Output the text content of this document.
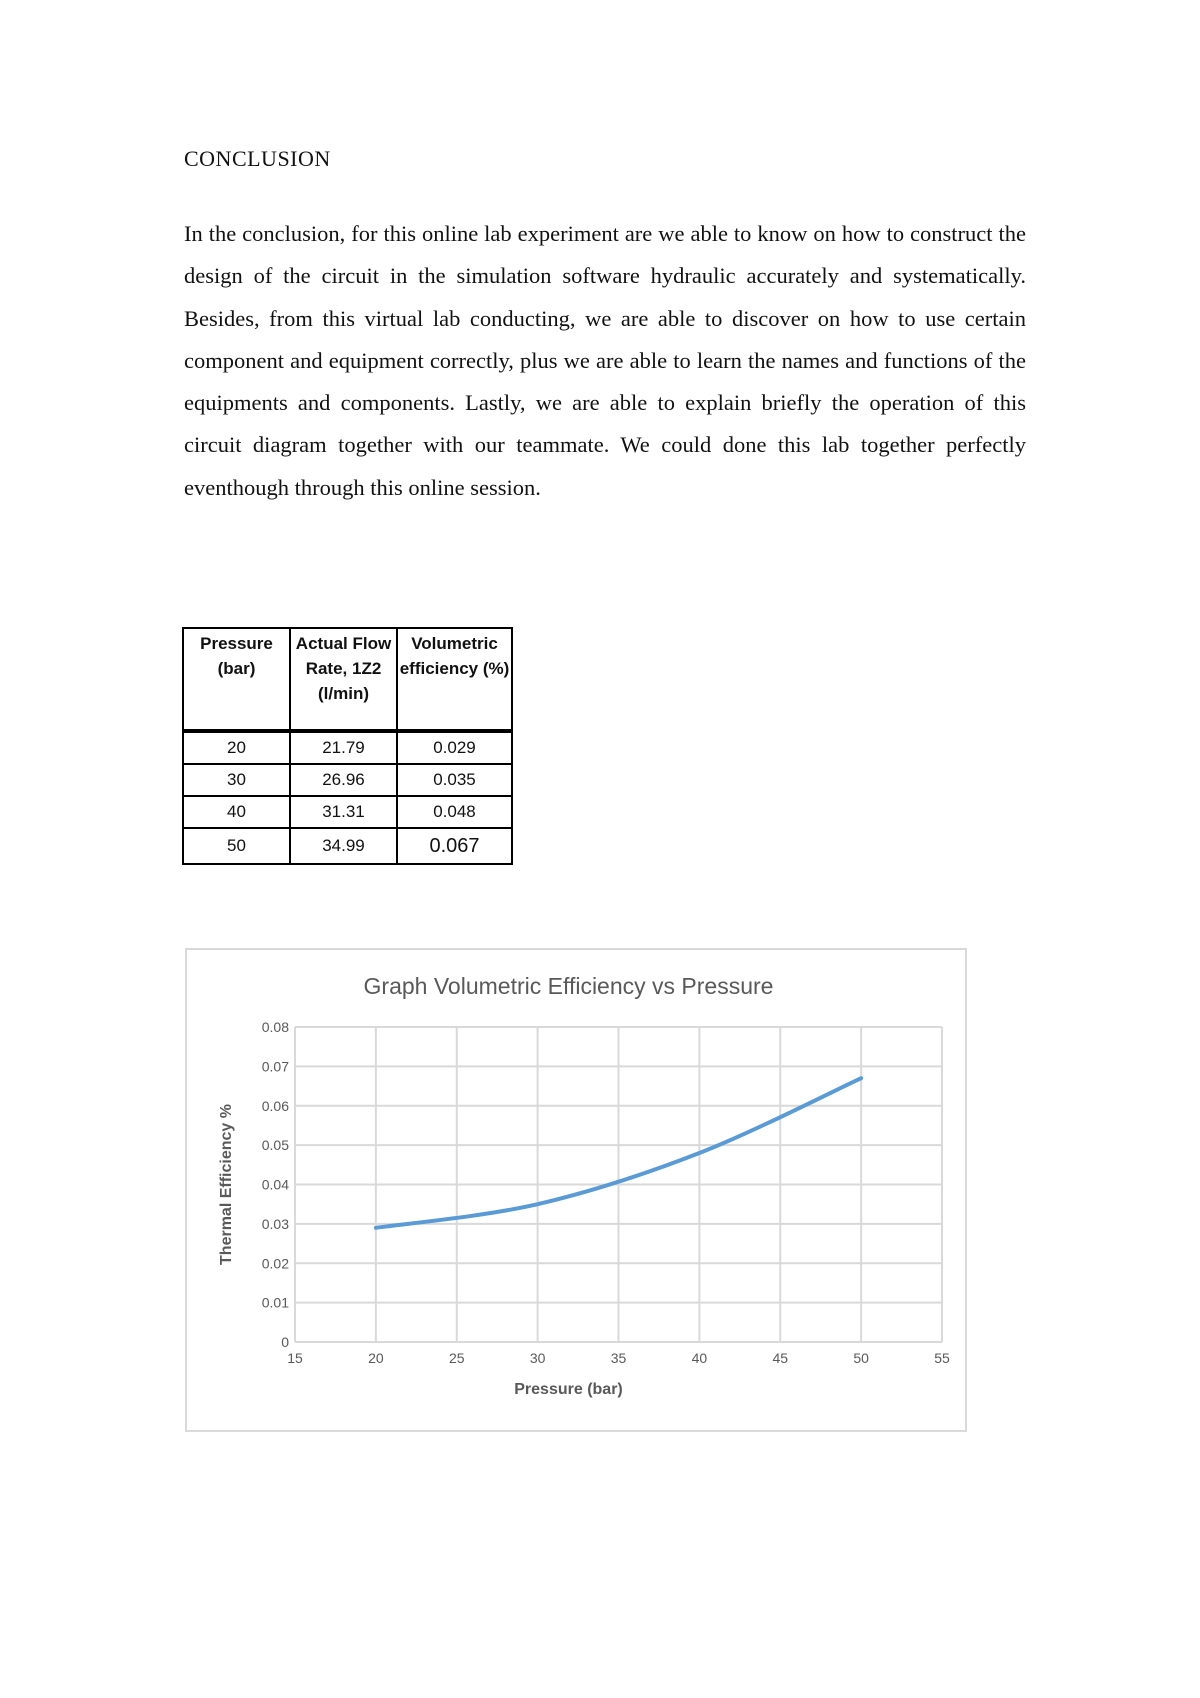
CONCLUSION

In the conclusion, for this online lab experiment are we able to know on how to construct the design of the circuit in the simulation software hydraulic accurately and systematically. Besides, from this virtual lab conducting, we are able to discover on how to use certain component and equipment correctly, plus we are able to learn the names and functions of the equipments and components. Lastly, we are able to explain briefly the operation of this circuit diagram together with our teammate. We could done this lab together perfectly eventhough through this online session.

Pressure (bar)	Actual Flow Rate, 1Z2 (l/min)	Volumetric efficiency (%)
20	21.79	0.029
30	26.96	0.035
40	31.31	0.048
50	34.99	0.067
0
0.01
0.02
0.03
0.04
0.05
0.06
0.07
0.08
15	20	25	30	35	40	45	50	55
Graph Volumetric Efficiency vs Pressure
Pressure (bar)
Thermal Efficiency %
